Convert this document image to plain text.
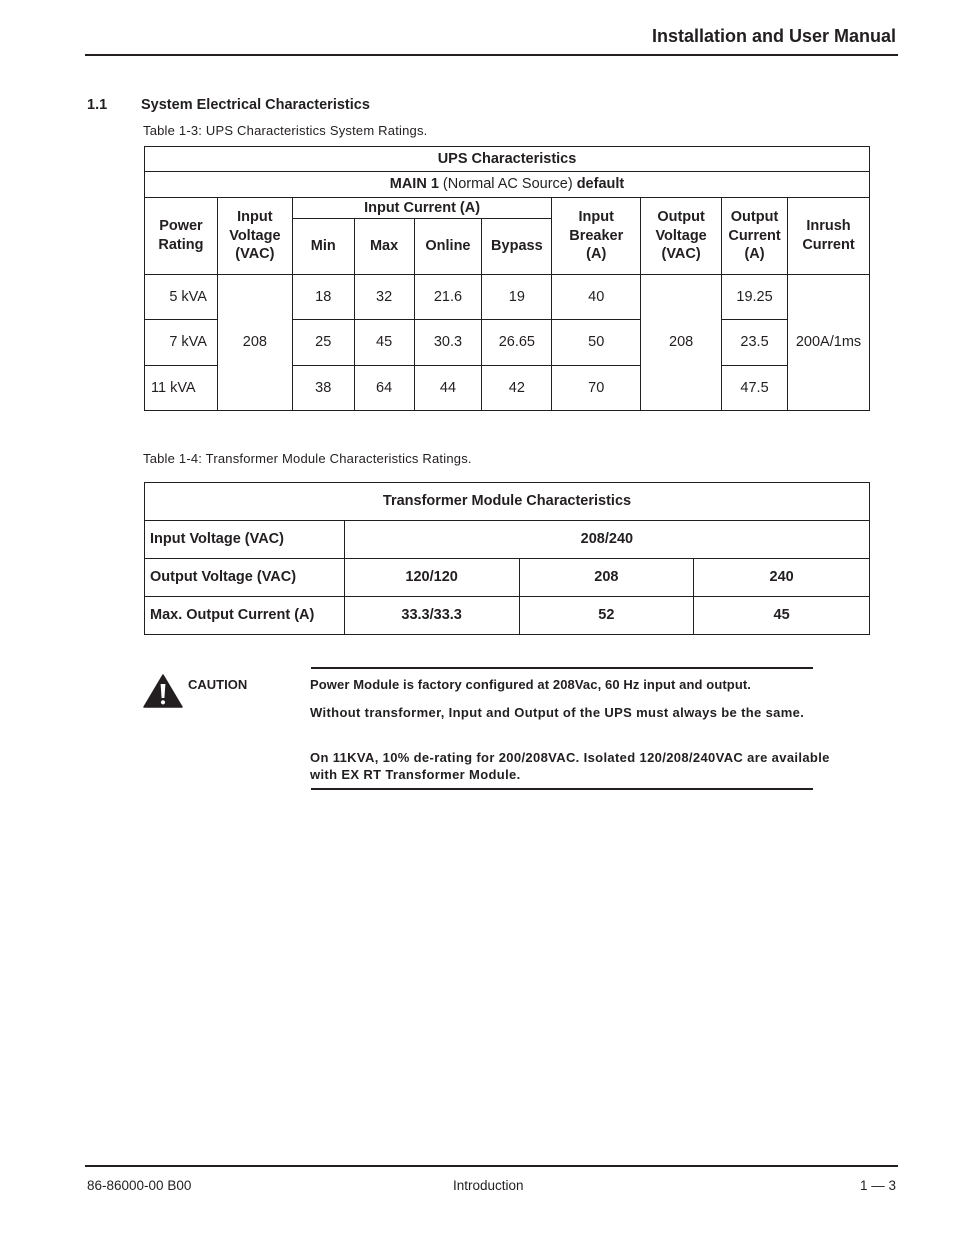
Installation and User Manual
1.1 System Electrical Characteristics
Table 1-3: UPS Characteristics System Ratings.
UPS Characteristics									
MAIN 1 (Normal AC Source) default									
Power Rating	Input Voltage (VAC)	Input Current (A)				Input Breaker (A)	Output Voltage (VAC)	Output Current (A)	Inrush Current
		Min	Max	Online	Bypass				
5 kVA	208	18	32	21.6	19	40	208	19.25	200A/1ms
7 kVA		25	45	30.3	26.65	50		23.5	
11 kVA		38	64	44	42	70		47.5	
Table 1-4: Transformer Module Characteristics Ratings.
Transformer Module Characteristics			
Input Voltage (VAC)	208/240		
Output Voltage (VAC)	120/120	208	240
Max. Output Current (A)	33.3/33.3	52	45
CAUTION	Power Module is factory configured at 208Vac, 60 Hz input and output.
Without transformer, Input and Output of the UPS must always be the same.
On 11KVA, 10% de-rating for 200/208VAC. Isolated 120/208/240VAC are available with EX RT Transformer Module.
86-86000-00 B00	Introduction	1 — 3
